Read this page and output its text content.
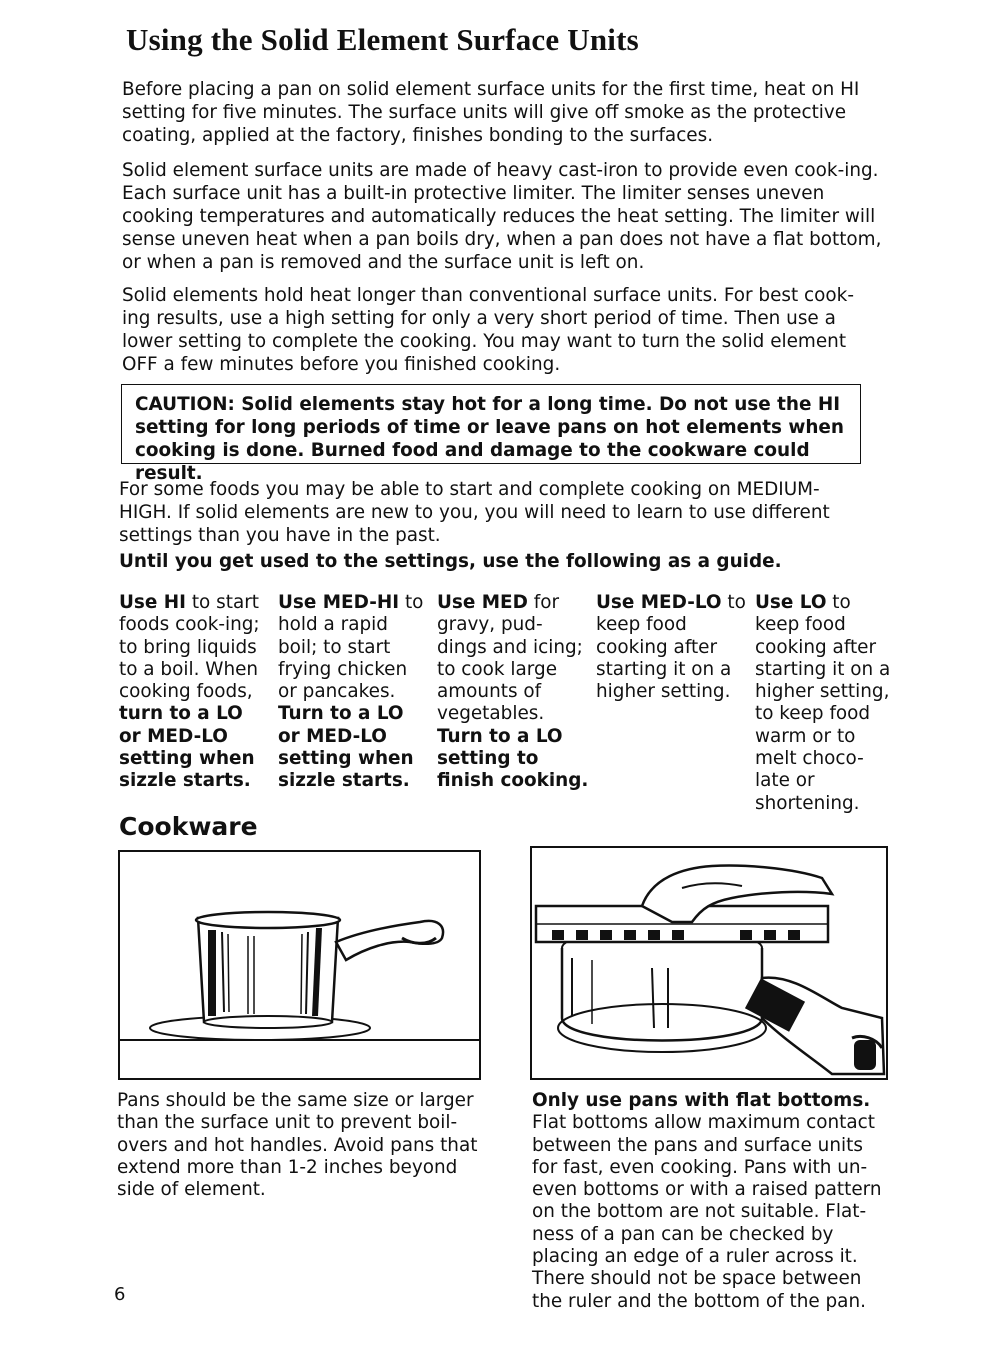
Using the Solid Element Surface Units

Before placing a pan on solid element surface units for the first time, heat on HI setting for five minutes. The surface units will give off smoke as the protective coating, applied at the factory, finishes bonding to the surfaces.

Solid element surface units are made of heavy cast-iron to provide even cook-ing. Each surface unit has a built-in protective limiter. The limiter senses uneven cooking temperatures and automatically reduces the heat setting. The limiter will sense uneven heat when a pan boils dry, when a pan does not have a flat bottom, or when a pan is removed and the surface unit is left on.

Solid elements hold heat longer than conventional surface units. For best cook-ing results, use a high setting for only a very short period of time. Then use a lower setting to complete the cooking. You may want to turn the solid element OFF a few minutes before you finished cooking.

CAUTION: Solid elements stay hot for a long time. Do not use the HI setting for long periods of time or leave pans on hot elements when cooking is done. Burned food and damage to the cookware could result.

For some foods you may be able to start and complete cooking on MEDIUM-HIGH. If solid elements are new to you, you will need to learn to use different settings than you have in the past.

Until you get used to the settings, use the following as a guide.
Use HI to start foods cook-ing; to bring liquids to a boil. When cooking foods, turn to a LO or MED-LO setting when sizzle starts.
Use MED-HI to hold a rapid boil; to start frying chicken or pancakes. Turn to a LO or MED-LO setting when sizzle starts.
Use MED for gravy, pud-dings and icing; to cook large amounts of vegetables. Turn to a LO setting to finish cooking.
Use MED-LO to keep food cooking after starting it on a higher setting.
Use LO to keep food cooking after starting it on a higher setting, to keep food warm or to melt choco-late or shortening.
Cookware
Pans should be the same size or larger than the surface unit to prevent boil-overs and hot handles. Avoid pans that extend more than 1-2 inches beyond side of element.
Only use pans with flat bottoms.
Flat bottoms allow maximum contact between the pans and surface units for fast, even cooking. Pans with un-even bottoms or with a raised pattern on the bottom are not suitable. Flat-ness of a pan can be checked by placing an edge of a ruler across it. There should not be space between the ruler and the bottom of the pan.
6
